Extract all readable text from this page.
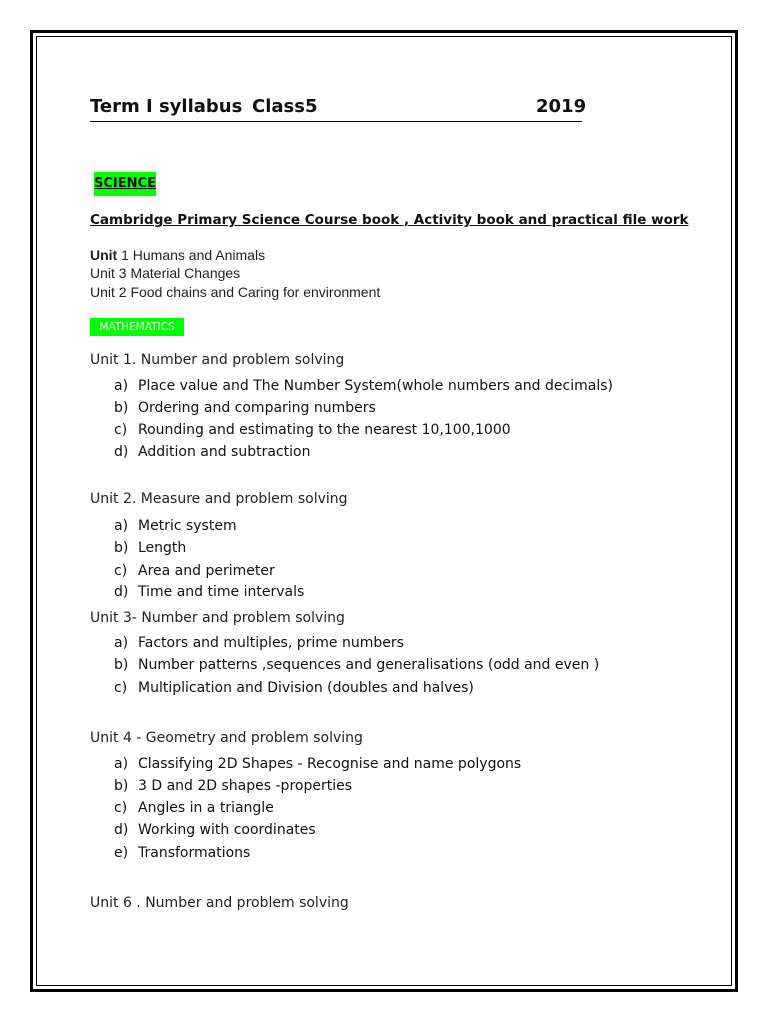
Term I syllabus Class5	2019
SCIENCE
Cambridge Primary Science Course book , Activity book and practical file work
Unit 1 Humans and Animals
Unit 3 Material Changes
Unit 2 Food chains and Caring for environment
MATHEMATICS
Unit 1. Number and problem solving
a) Place value and The Number System(whole numbers and decimals)
b) Ordering and comparing numbers
c) Rounding and estimating to the nearest 10,100,1000
d) Addition and subtraction
Unit 2. Measure and problem solving
a) Metric system
b) Length
c) Area and perimeter
d) Time and time intervals
Unit 3- Number and problem solving
a) Factors and multiples, prime numbers
b) Number patterns ,sequences and generalisations (odd and even )
c) Multiplication and Division (doubles and halves)
Unit 4 - Geometry and problem solving
a) Classifying 2D Shapes - Recognise and name polygons
b) 3 D and 2D shapes -properties
c) Angles in a triangle
d) Working with coordinates
e) Transformations
Unit 6 . Number and problem solving
